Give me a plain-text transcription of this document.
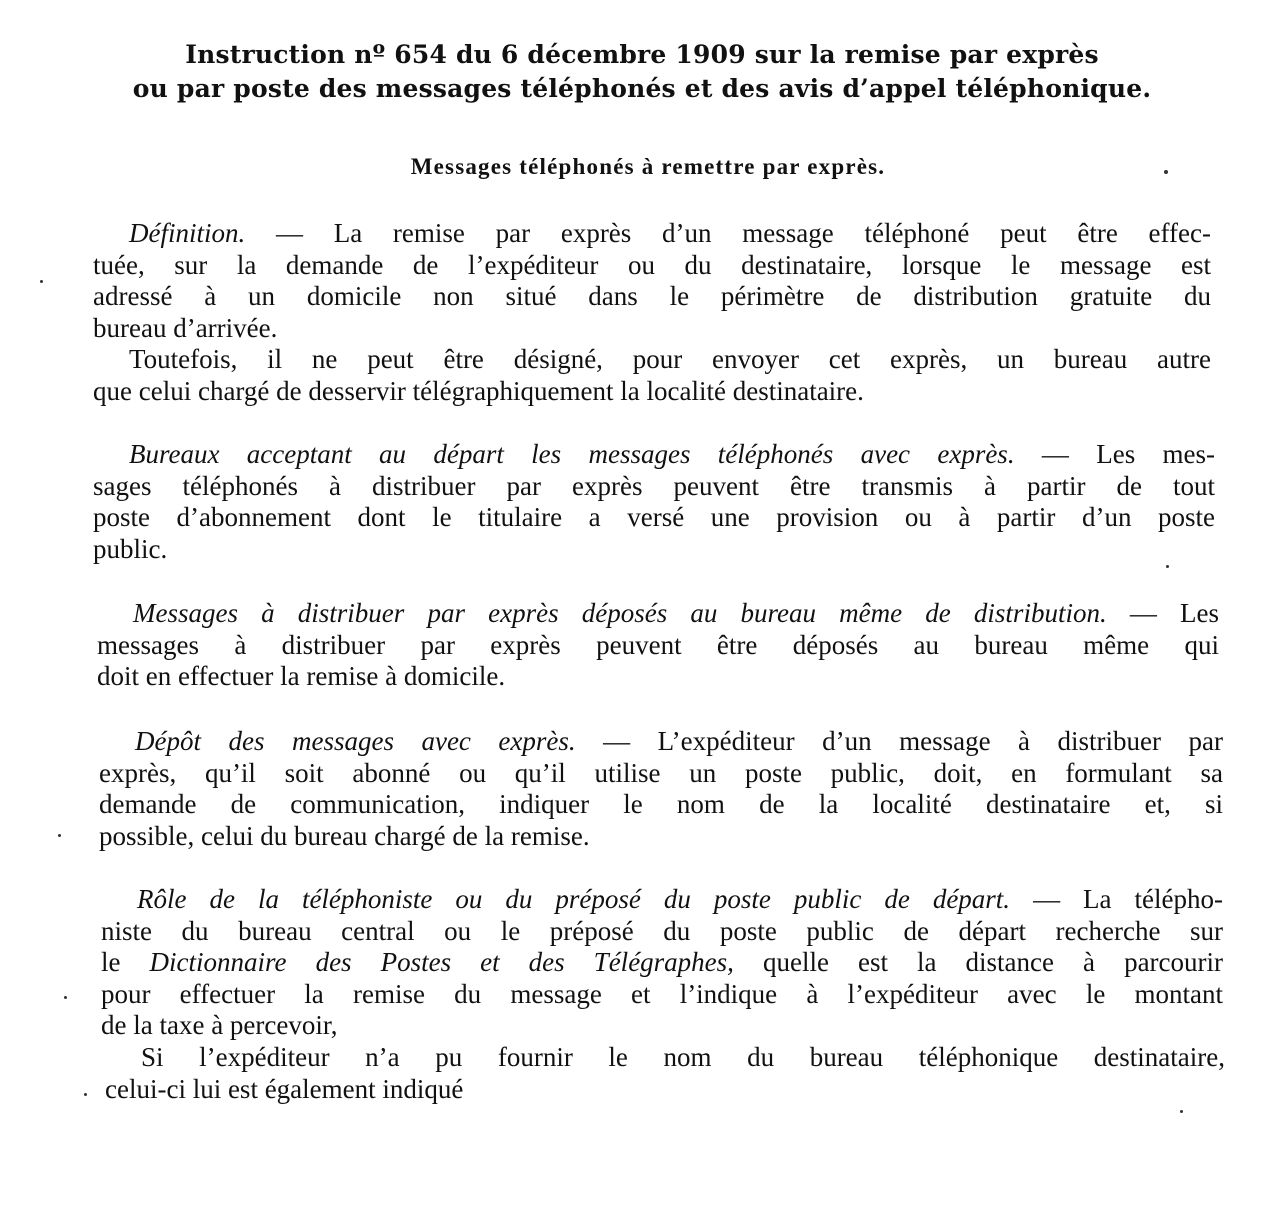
Instruction nº 654 du 6 décembre 1909 sur la remise par exprès
ou par poste des messages téléphonés et des avis d’appel téléphonique.
Messages téléphonés à remettre par exprès.
Définition. — La remise par exprès d’un message téléphoné peut être effec-
tuée, sur la demande de l’expéditeur ou du destinataire, lorsque le message est
adressé à un domicile non situé dans le périmètre de distribution gratuite du
bureau d’arrivée.
Toutefois, il ne peut être désigné, pour envoyer cet exprès, un bureau autre
que celui chargé de desservir télégraphiquement la localité destinataire.
Bureaux acceptant au départ les messages téléphonés avec exprès. — Les mes-
sages téléphonés à distribuer par exprès peuvent être transmis à partir de tout
poste d’abonnement dont le titulaire a versé une provision ou à partir d’un poste
public.
Messages à distribuer par exprès déposés au bureau même de distribution. — Les
messages à distribuer par exprès peuvent être déposés au bureau même qui
doit en effectuer la remise à domicile.
Dépôt des messages avec exprès. — L’expéditeur d’un message à distribuer par
exprès, qu’il soit abonné ou qu’il utilise un poste public, doit, en formulant sa
demande de communication, indiquer le nom de la localité destinataire et, si
possible, celui du bureau chargé de la remise.
Rôle de la téléphoniste ou du préposé du poste public de départ. — La télépho-
niste du bureau central ou le préposé du poste public de départ recherche sur
le Dictionnaire des Postes et des Télégraphes, quelle est la distance à parcourir
pour effectuer la remise du message et l’indique à l’expéditeur avec le montant
de la taxe à percevoir,
Si l’expéditeur n’a pu fournir le nom du bureau téléphonique destinataire,
celui-ci lui est également indiqué
